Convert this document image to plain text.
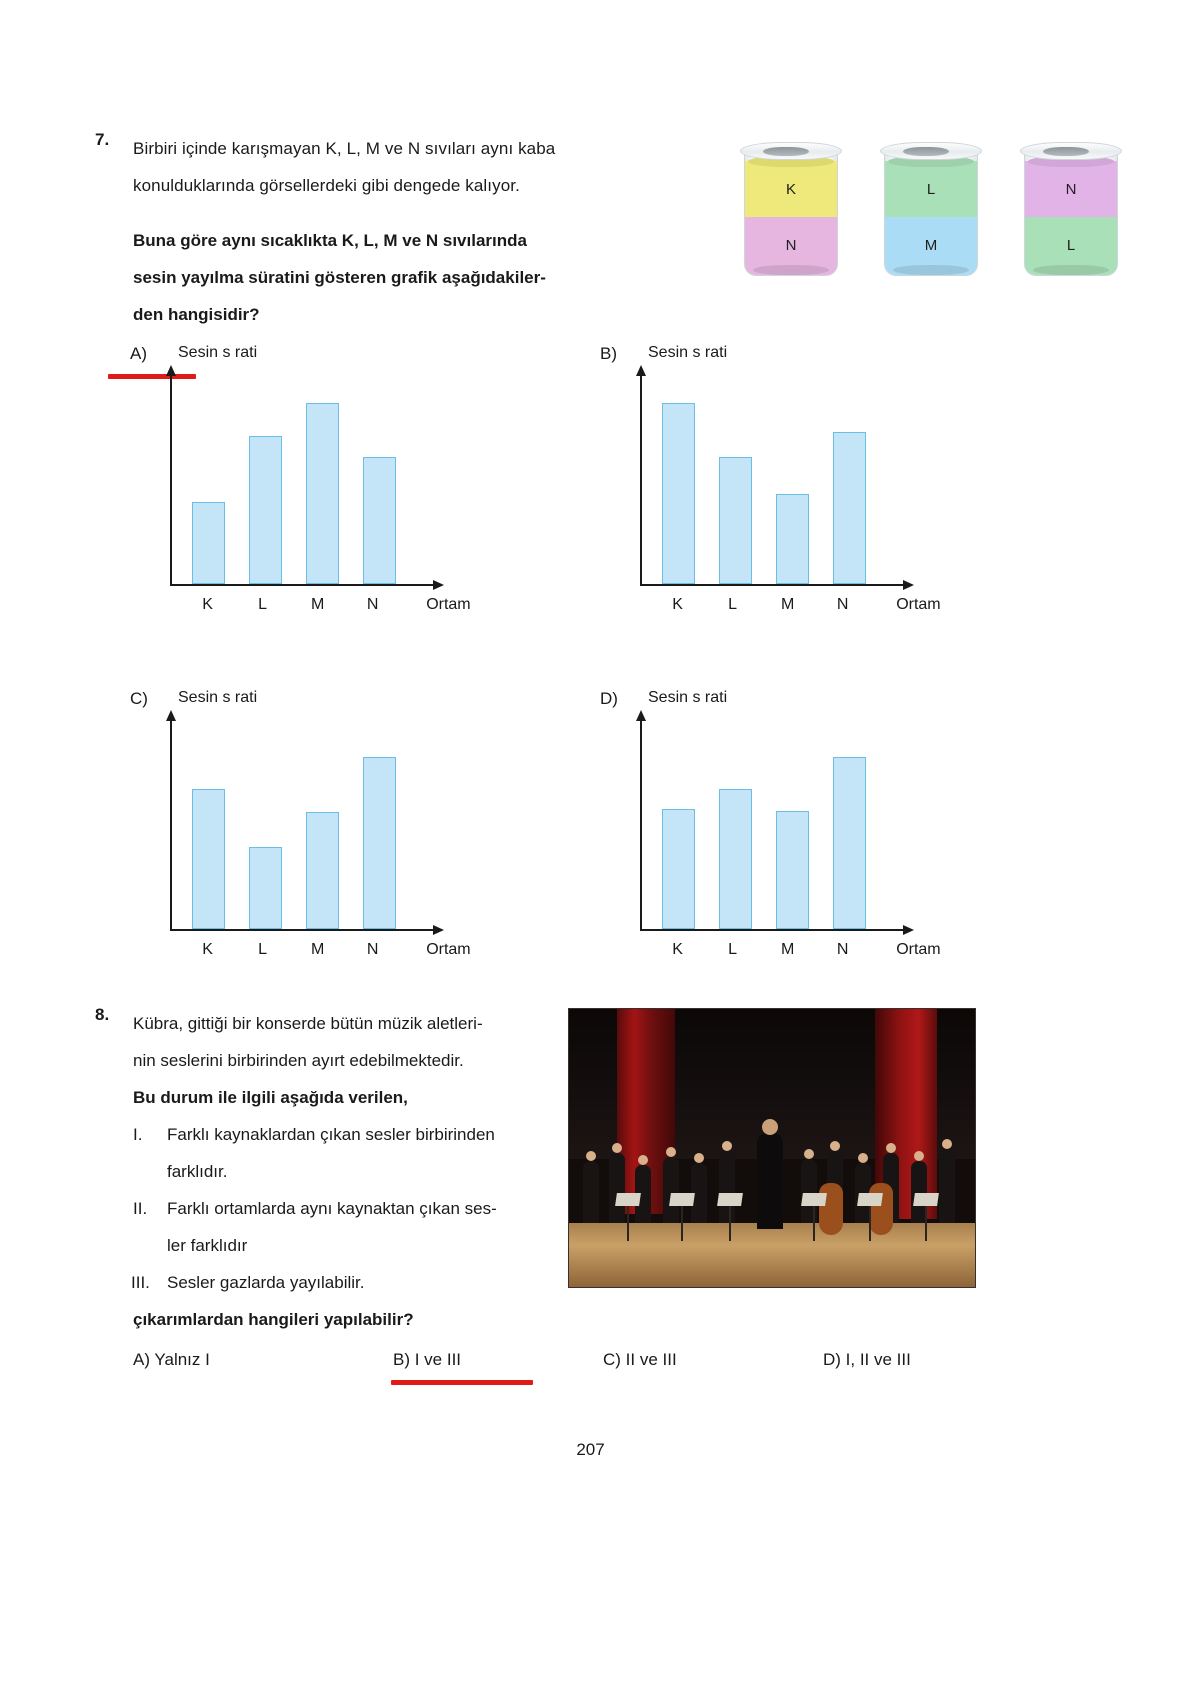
7. Birbiri içinde karışmayan K, L, M ve N sıvıları aynı kaba
konulduklarında görsellerdeki gibi dengede kalıyor.
Buna göre aynı sıcaklıkta K, L, M ve N sıvılarında
sesin yayılma süratini gösteren grafik aşağıdakiler-
den hangisidir?
K
N
L
M
N
L
A) Sesin s rati
K	L	M	N	Ortam
B) Sesin s rati
K	L	M	N	Ortam
C) Sesin s rati
K	L	M	N	Ortam
D) Sesin s rati
K	L	M	N	Ortam
8. Kübra, gittiği bir konserde bütün müzik aletleri-
nin seslerini birbirinden ayırt edebilmektedir.
Bu durum ile ilgili aşağıda verilen,
I. Farklı kaynaklardan çıkan sesler birbirinden
farklıdır.
II. Farklı ortamlarda aynı kaynaktan çıkan ses-
ler farklıdır
III. Sesler gazlarda yayılabilir.
çıkarımlardan hangileri yapılabilir?
A) Yalnız I	B) I ve III	C) II ve III	D) I, II ve III
207
